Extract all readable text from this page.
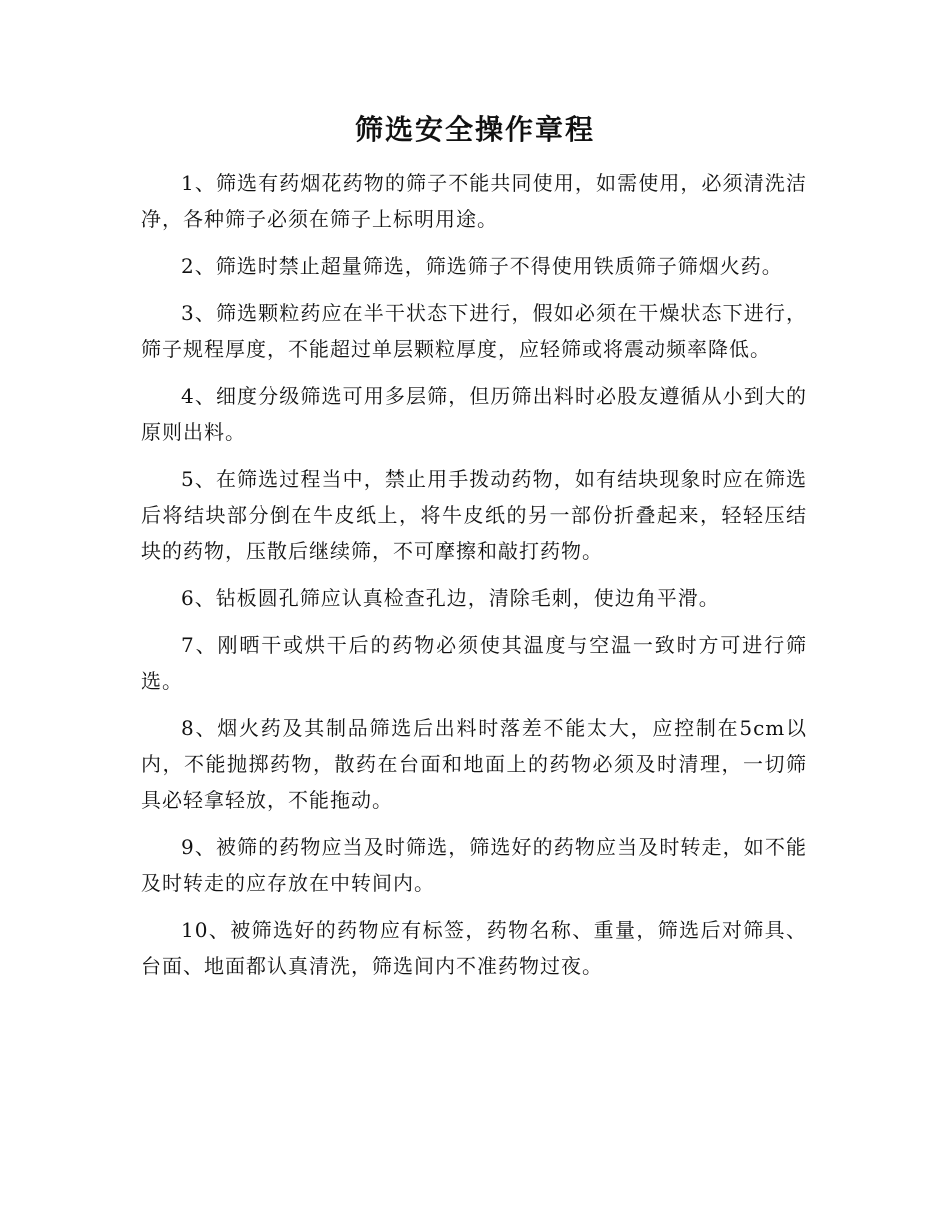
筛选安全操作章程

1、筛选有药烟花药物的筛子不能共同使用，如需使用，必须清洗洁净，各种筛子必须在筛子上标明用途。

2、筛选时禁止超量筛选，筛选筛子不得使用铁质筛子筛烟火药。

3、筛选颗粒药应在半干状态下进行，假如必须在干燥状态下进行，筛子规程厚度，不能超过单层颗粒厚度，应轻筛或将震动频率降低。

4、细度分级筛选可用多层筛，但历筛出料时必股友遵循从小到大的原则出料。

5、在筛选过程当中，禁止用手拨动药物，如有结块现象时应在筛选后将结块部分倒在牛皮纸上，将牛皮纸的另一部份折叠起来，轻轻压结块的药物，压散后继续筛，不可摩擦和敲打药物。

6、钻板圆孔筛应认真检查孔边，清除毛刺，使边角平滑。

7、刚晒干或烘干后的药物必须使其温度与空温一致时方可进行筛选。

8、烟火药及其制品筛选后出料时落差不能太大，应控制在5cm以内，不能抛掷药物，散药在台面和地面上的药物必须及时清理，一切筛具必轻拿轻放，不能拖动。

9、被筛的药物应当及时筛选，筛选好的药物应当及时转走，如不能及时转走的应存放在中转间内。

10、被筛选好的药物应有标签，药物名称、重量，筛选后对筛具、台面、地面都认真清洗，筛选间内不准药物过夜。
